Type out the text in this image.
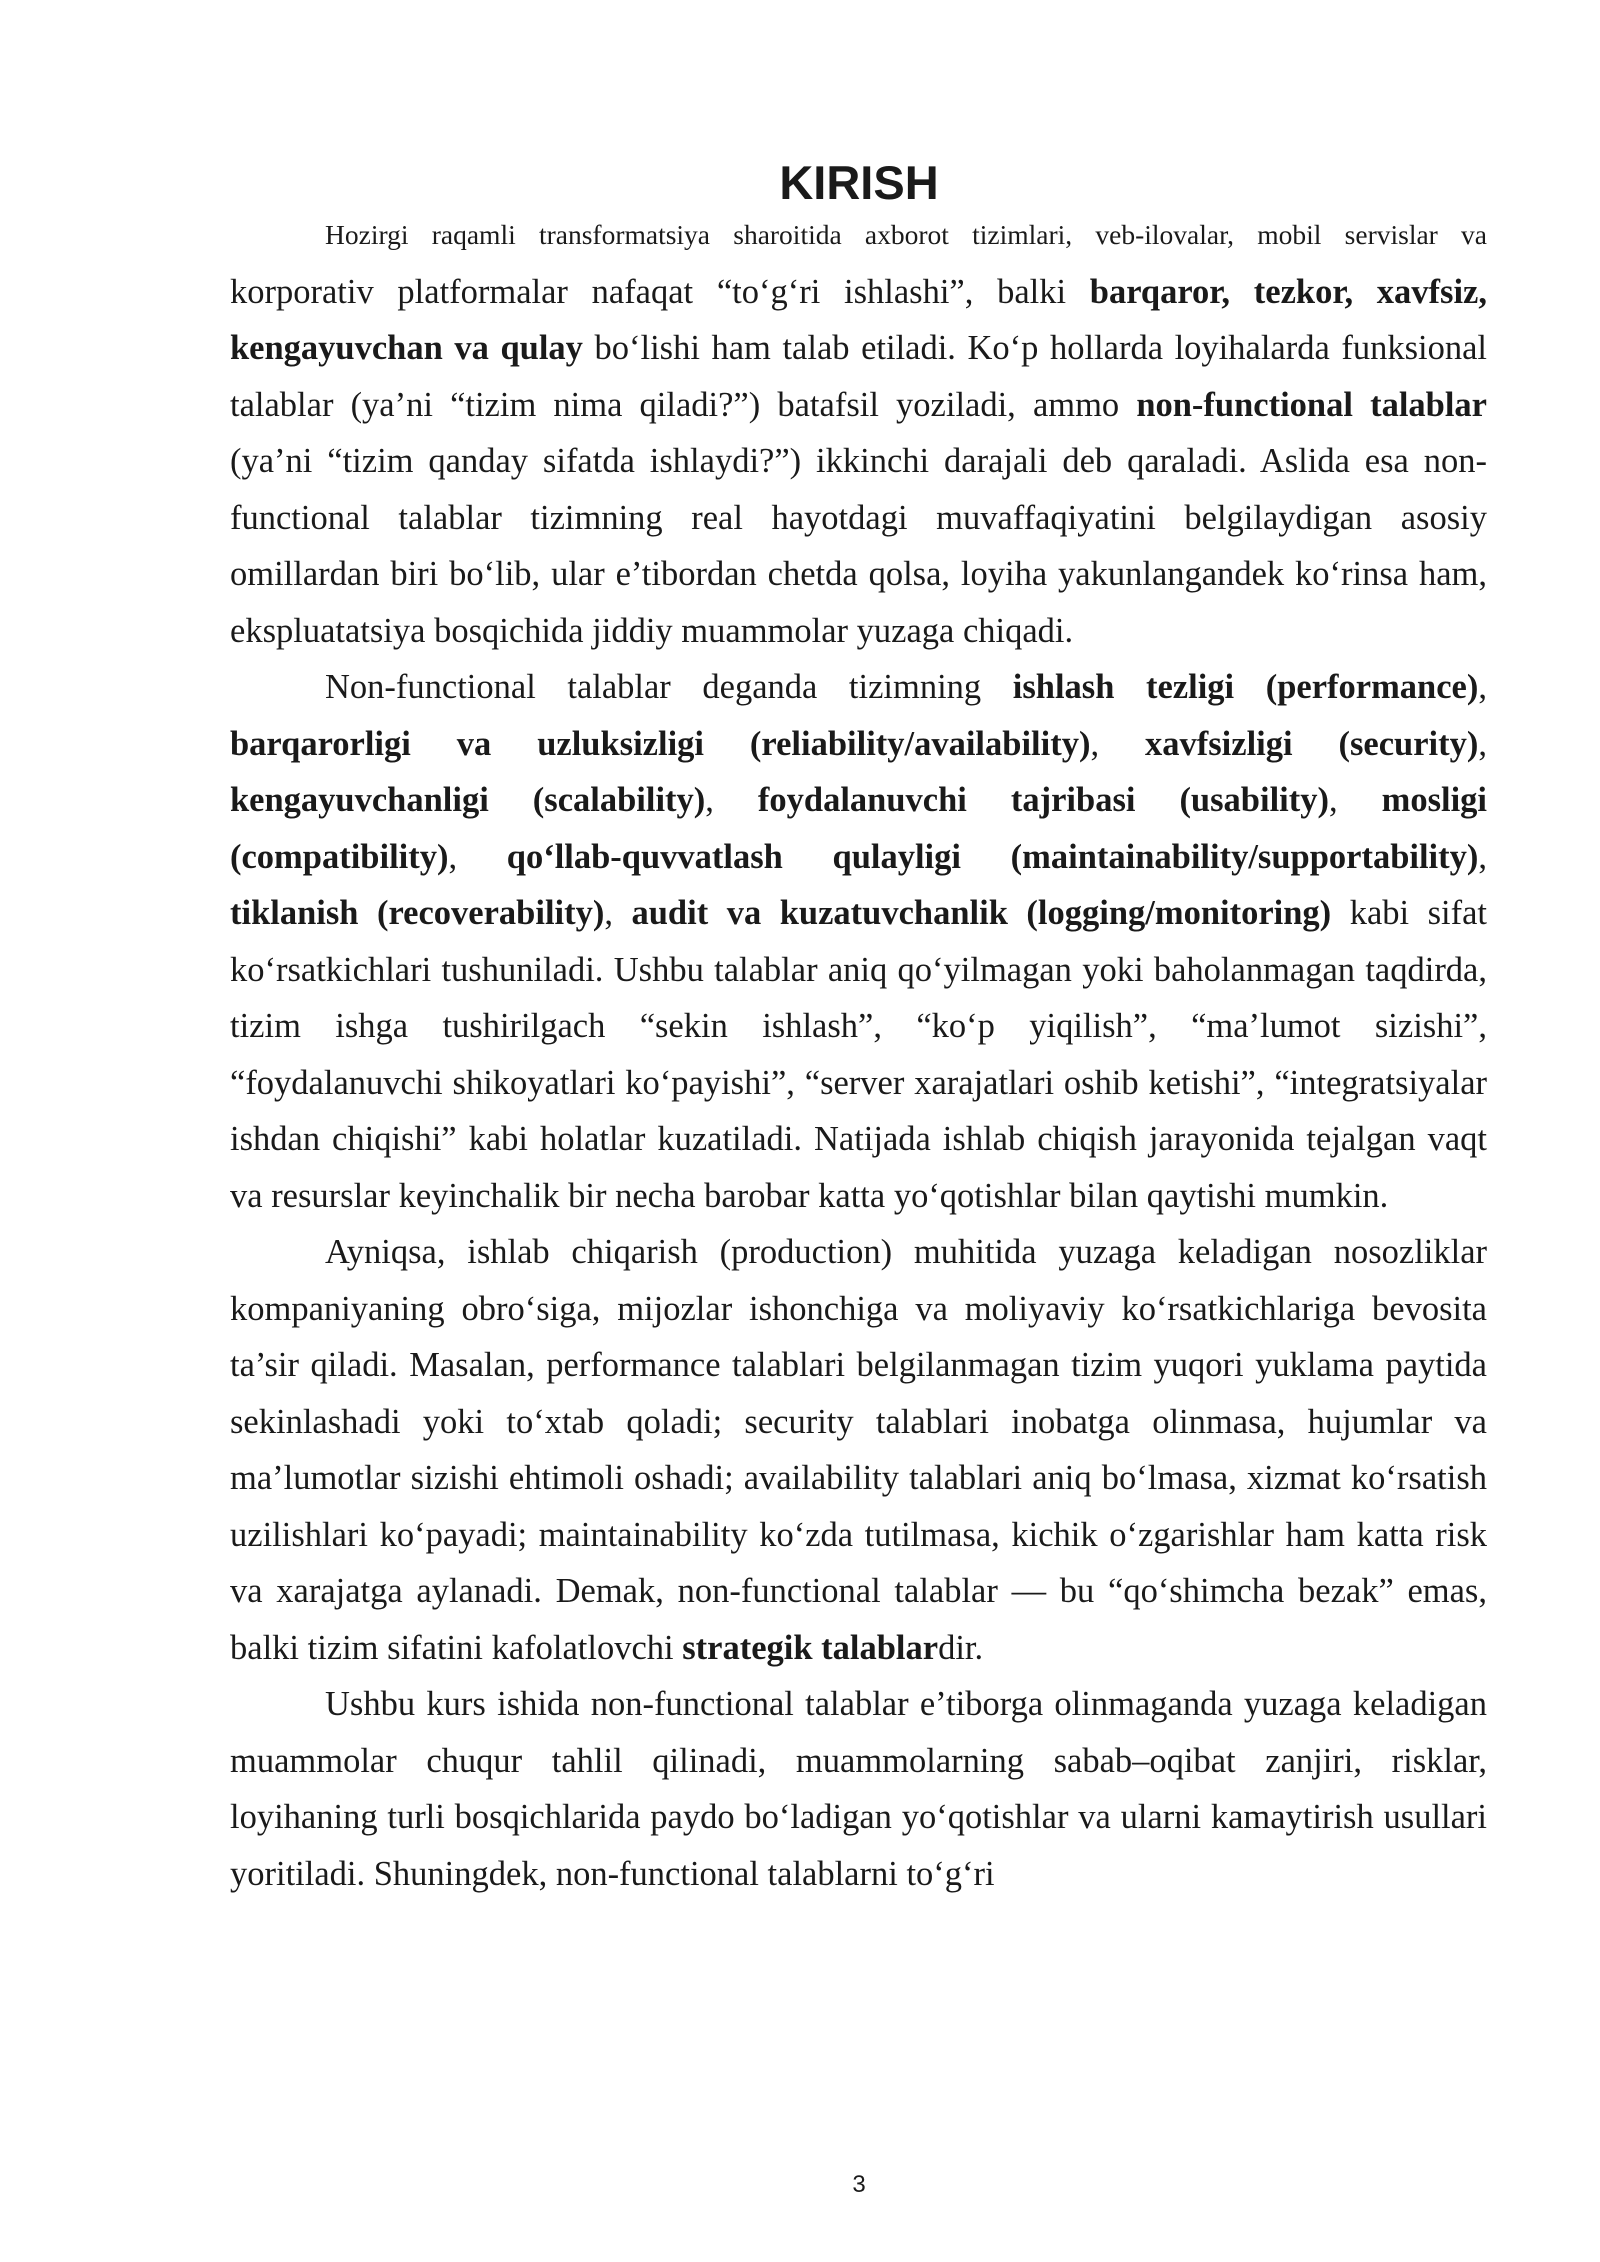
KIRISH

Hozirgi raqamli transformatsiya sharoitida axborot tizimlari, veb-ilovalar, mobil servislar va korporativ platformalar nafaqat “to‘g‘ri ishlashi”, balki barqaror, tezkor, xavfsiz, kengayuvchan va qulay bo‘lishi ham talab etiladi. Ko‘p hollarda loyihalarda funksional talablar (ya’ni “tizim nima qiladi?”) batafsil yoziladi, ammo non-functional talablar (ya’ni “tizim qanday sifatda ishlaydi?”) ikkinchi darajali deb qaraladi. Aslida esa non-functional talablar tizimning real hayotdagi muvaffaqiyatini belgilaydigan asosiy omillardan biri bo‘lib, ular e’tibordan chetda qolsa, loyiha yakunlangandek ko‘rinsa ham, ekspluatatsiya bosqichida jiddiy muammolar yuzaga chiqadi.

Non-functional talablar deganda tizimning ishlash tezligi (performance), barqarorligi va uzluksizligi (reliability/availability), xavfsizligi (security), kengayuvchanligi (scalability), foydalanuvchi tajribasi (usability), mosligi (compatibility), qo‘llab-quvvatlash qulayligi (maintainability/supportability), tiklanish (recoverability), audit va kuzatuvchanlik (logging/monitoring) kabi sifat ko‘rsatkichlari tushuniladi. Ushbu talablar aniq qo‘yilmagan yoki baholanmagan taqdirda, tizim ishga tushirilgach “sekin ishlash”, “ko‘p yiqilish”, “ma’lumot sizishi”, “foydalanuvchi shikoyatlari ko‘payishi”, “server xarajatlari oshib ketishi”, “integratsiyalar ishdan chiqishi” kabi holatlar kuzatiladi. Natijada ishlab chiqish jarayonida tejalgan vaqt va resurslar keyinchalik bir necha barobar katta yo‘qotishlar bilan qaytishi mumkin.

Ayniqsa, ishlab chiqarish (production) muhitida yuzaga keladigan nosozliklar kompaniyaning obro‘siga, mijozlar ishonchiga va moliyaviy ko‘rsatkichlariga bevosita ta’sir qiladi. Masalan, performance talablari belgilanmagan tizim yuqori yuklama paytida sekinlashadi yoki to‘xtab qoladi; security talablari inobatga olinmasa, hujumlar va ma’lumotlar sizishi ehtimoli oshadi; availability talablari aniq bo‘lmasa, xizmat ko‘rsatish uzilishlari ko‘payadi; maintainability ko‘zda tutilmasa, kichik o‘zgarishlar ham katta risk va xarajatga aylanadi. Demak, non-functional talablar — bu “qo‘shimcha bezak” emas, balki tizim sifatini kafolatlovchi strategik talablardir.

Ushbu kurs ishida non-functional talablar e’tiborga olinmaganda yuzaga keladigan muammolar chuqur tahlil qilinadi, muammolarning sabab–oqibat zanjiri, risklar, loyihaning turli bosqichlarida paydo bo‘ladigan yo‘qotishlar va ularni kamaytirish usullari yoritiladi. Shuningdek, non-functional talablarni to‘g‘ri

3
